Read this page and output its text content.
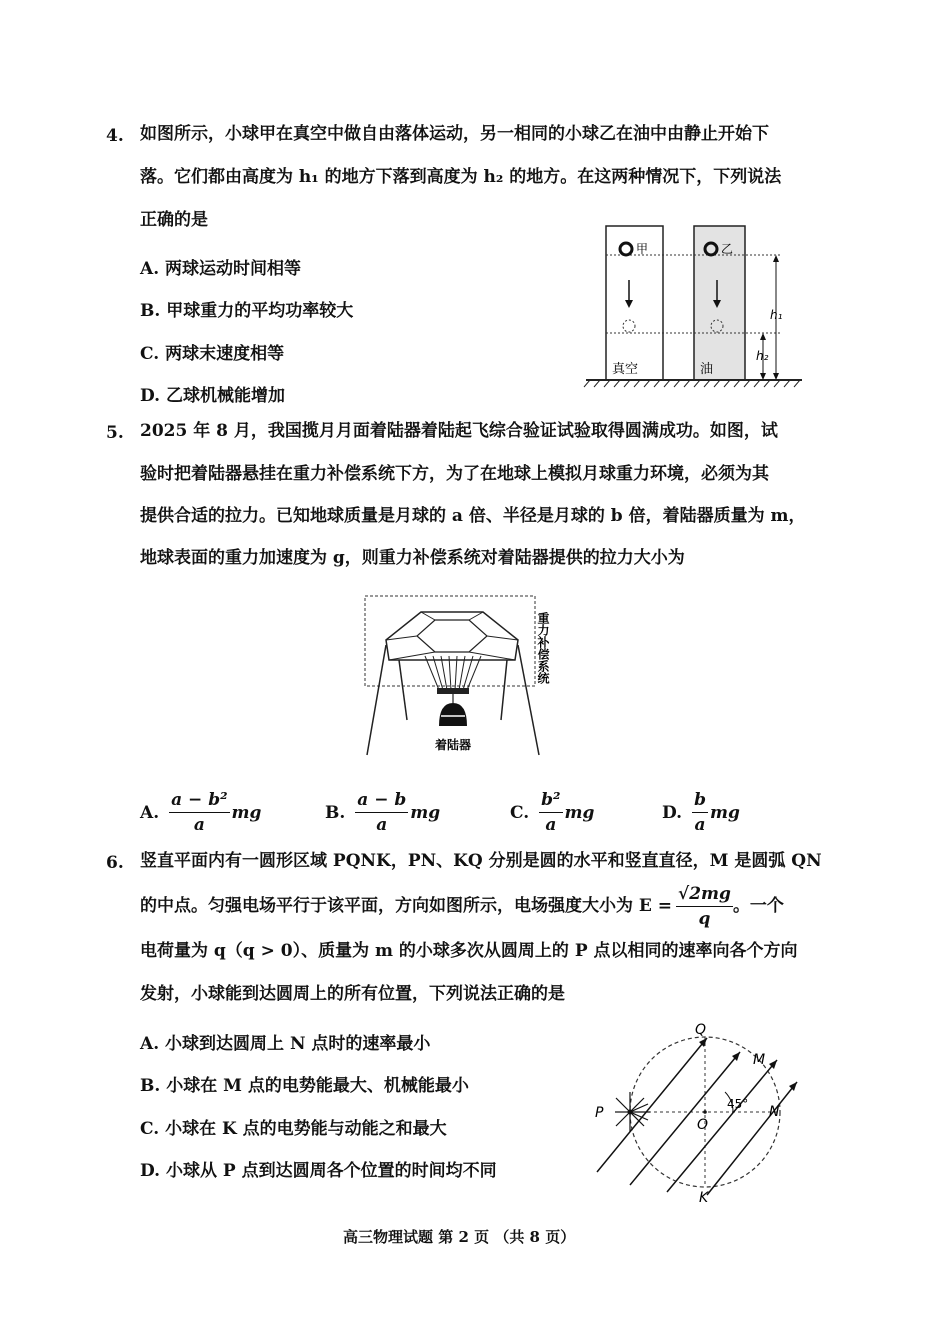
4. 如图所示，小球甲在真空中做自由落体运动，另一相同的小球乙在油中由静止开始下
落。它们都由高度为 h₁ 的地方下落到高度为 h₂ 的地方。在这两种情况下，下列说法
正确的是
A. 两球运动时间相等
B. 甲球重力的平均功率较大
C. 两球末速度相等
D. 乙球机械能增加
甲	乙
真空	油
h₁
h₂
5. 2025 年 8 月，我国揽月月面着陆器着陆起飞综合验证试验取得圆满成功。如图，试
验时把着陆器悬挂在重力补偿系统下方，为了在地球上模拟月球重力环境，必须为其
提供合适的拉力。已知地球质量是月球的 a 倍、半径是月球的 b 倍，着陆器质量为 m，
地球表面的重力加速度为 g，则重力补偿系统对着陆器提供的拉力大小为
着陆器
重力补偿系统
A. $\frac{\text{a − b²}}{a}$ mg	B. $\frac{a - b}{a}$ mg	C. $\frac{\text{b²}}{a}$ mg	D. $\frac{b}{a}$ mg
6. 竖直平面内有一圆形区域 PQNK，PN、KQ 分别是圆的水平和竖直直径，M 是圆弧 QN
的中点。匀强电场平行于该平面，方向如图所示，电场强度大小为 $E = \frac{√2mg}{q}$ 。一个
电荷量为 q（q > 0）、质量为 m 的小球多次从圆周上的 P 点以相同的速率向各个方向
发射，小球能到达圆周上的所有位置，下列说法正确的是
A. 小球到达圆周上 N 点时的速率最小
B. 小球在 M 点的电势能最大、机械能最小
C. 小球在 K 点的电势能与动能之和最大
D. 小球从 P 点到达圆周各个位置的时间均不同
Q
M
P
O
N
K
45°
高三物理试题 第 2 页 （共 8 页）
